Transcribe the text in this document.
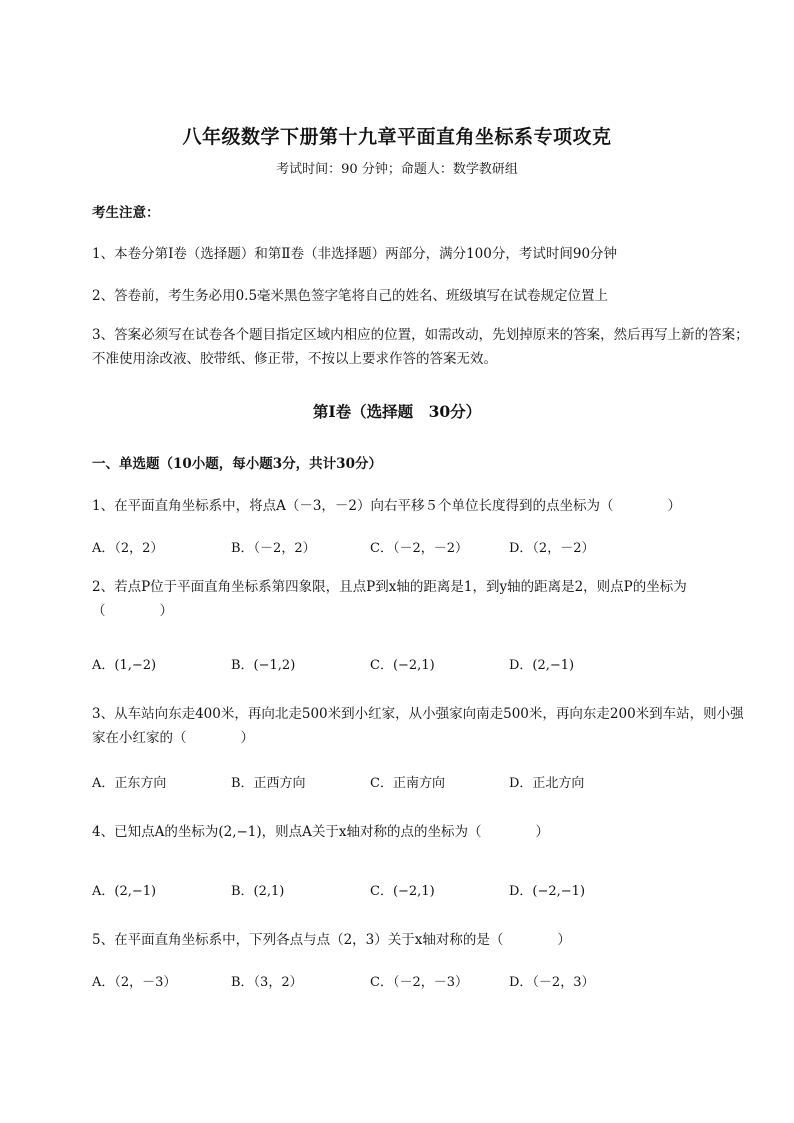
八年级数学下册第十九章平面直角坐标系专项攻克
考试时间：90 分钟；命题人：数学教研组
考生注意：
1、本卷分第Ⅰ卷（选择题）和第Ⅱ卷（非选择题）两部分，满分100分，考试时间90分钟
2、答卷前，考生务必用0.5毫米黑色签字笔将自己的姓名、班级填写在试卷规定位置上
3、答案必须写在试卷各个题目指定区域内相应的位置，如需改动，先划掉原来的答案，然后再写上新的答案；不准使用涂改液、胶带纸、修正带，不按以上要求作答的答案无效。
第Ⅰ卷（选择题　30分）
一、单选题（10小题，每小题3分，共计30分）
1、在平面直角坐标系中，将点A（－3，－2）向右平移５个单位长度得到的点坐标为（　　　　）
A．（2，2）	B．（－2，2）	C．（－2，－2）	D．（2，－2）
2、若点P位于平面直角坐标系第四象限，且点P到x轴的距离是1，到y轴的距离是2，则点P的坐标为（　　　　）
A．(1,−2)	B．(−1,2)	C．(−2,1)	D．(2,−1)
3、从车站向东走400米，再向北走500米到小红家，从小强家向南走500米，再向东走200米到车站，则小强家在小红家的（　　　　）
A．正东方向	B．正西方向	C．正南方向	D．正北方向
4、已知点A的坐标为(2,−1)，则点A关于x轴对称的点的坐标为（　　　　）
A．(2,−1)	B．(2,1)	C．(−2,1)	D．(−2,−1)
5、在平面直角坐标系中，下列各点与点（2，3）关于x轴对称的是（　　　　）
A．（2，－3）	B．（3，2）	C．（－2，－3）	D．（－2，3）
